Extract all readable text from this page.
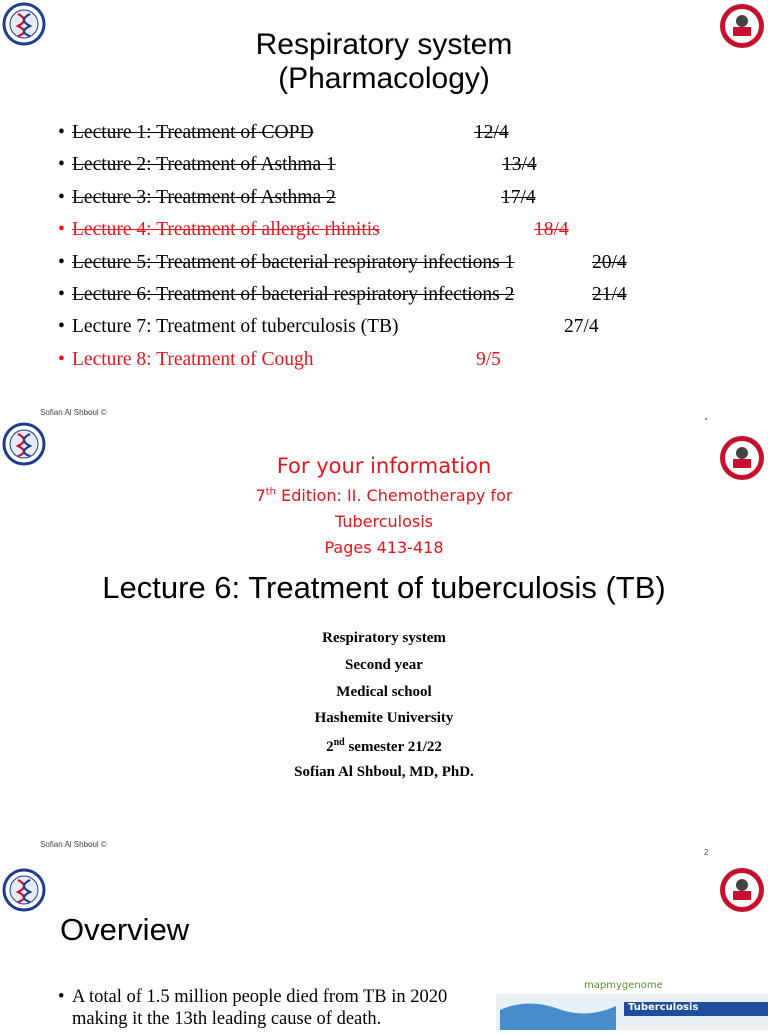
Respiratory system
(Pharmacology)
• Lecture 1: Treatment of COPD	12/4
• Lecture 2: Treatment of Asthma 1	13/4
• Lecture 3: Treatment of Asthma 2	17/4
• Lecture 4: Treatment of allergic rhinitis	18/4
• Lecture 5: Treatment of bacterial respiratory infections 1	20/4
• Lecture 6: Treatment of bacterial respiratory infections 2	21/4
• Lecture 7: Treatment of tuberculosis (TB)	27/4
• Lecture 8: Treatment of Cough	9/5
Sofian Al Shboul ©
For your information
7th Edition: II. Chemotherapy for
Tuberculosis
Pages 413-418
Lecture 6: Treatment of tuberculosis (TB)
Respiratory system
Second year
Medical school
Hashemite University
2nd semester 21/22
Sofian Al Shboul, MD, PhD.
Sofian Al Shboul ©
2
Overview
• A total of 1.5 million people died from TB in 2020
making it the 13th leading cause of death.
mapmygenome
Tuberculosis
